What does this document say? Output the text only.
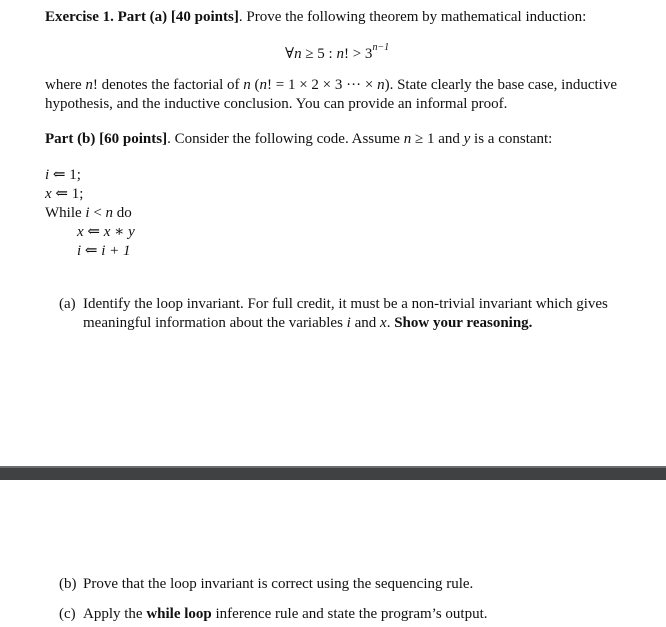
Exercise 1. Part (a) [40 points]. Prove the following theorem by mathematical induction:
∀n ≥ 5 : n! > $3^{n-1}$
where n! denotes the factorial of n (n! = 1 × 2 × 3 ··· × n). State clearly the base case, inductive
hypothesis, and the inductive conclusion. You can provide an informal proof.
Part (b) [60 points]. Consider the following code. Assume n ≥ 1 and y is a constant:
i ⇐ 1;
x ⇐ 1;
While i < n do
x ⇐ x ∗ y
i ⇐ i + 1
(a) Identify the loop invariant. For full credit, it must be a non-trivial invariant which gives
meaningful information about the variables i and x. Show your reasoning.
(b) Prove that the loop invariant is correct using the sequencing rule.
(c) Apply the while loop inference rule and state the program’s output.
